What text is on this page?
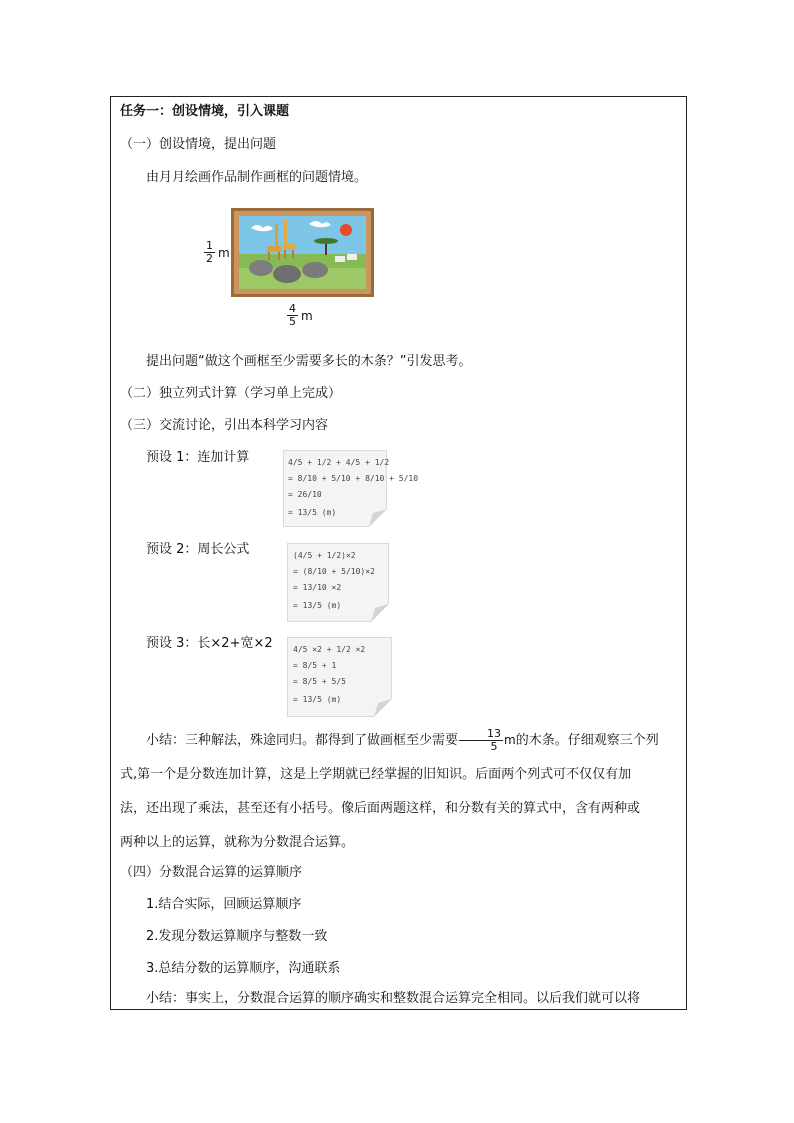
任务一：创设情境，引入课题
（一）创设情境，提出问题
由月月绘画作品制作画框的问题情境。
$\frac{1}{2}$ m
$\frac{4}{5}$ m
提出问题“做这个画框至少需要多长的木条？”引发思考。
（二）独立列式计算（学习单上完成）
（三）交流讨论，引出本科学习内容
预设 1：连加计算	4/5 + 1/2 + 4/5 + 1/2
= 8/10 + 5/10 + 8/10 + 5/10
= 26/10
= 13/5 (m)
预设 2：周长公式	(4/5 + 1/2)×2
= (8/10 + 5/10)×2
= 13/10 ×2
= 13/5 (m)
预设 3：长×2+宽×2	4/5 ×2 + 1/2 ×2
= 8/5 + 1
= 8/5 + 5/5
= 13/5 (m)

小结：三种解法，殊途同归。都得到了做画框至少需要 $\frac{13}{5}$ m的木条。仔细观察三个列

式,第一个是分数连加计算，这是上学期就已经掌握的旧知识。后面两个列式可不仅仅有加

法，还出现了乘法，甚至还有小括号。像后面两题这样，和分数有关的算式中，含有两种或

两种以上的运算，就称为分数混合运算。

（四）分数混合运算的运算顺序
1.结合实际，回顾运算顺序
2.发现分数运算顺序与整数一致
3.总结分数的运算顺序，沟通联系
小结：事实上，分数混合运算的顺序确实和整数混合运算完全相同。以后我们就可以将
